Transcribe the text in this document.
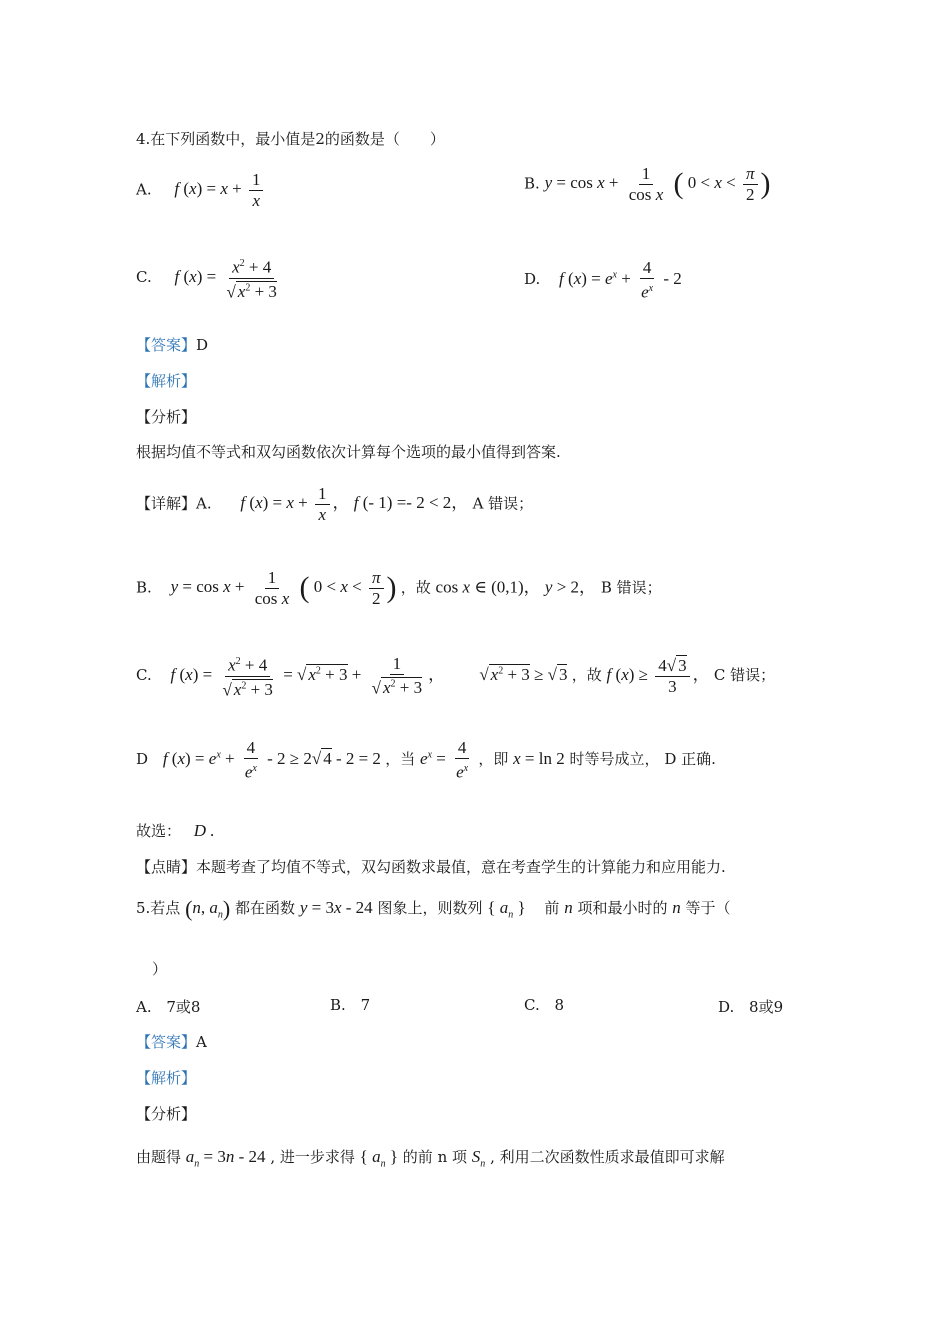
4.在下列函数中，最小值是2的函数是（　　）
A. f $(x) = x + \frac{1}{x}$	B. $y = \cos x + \frac{1}{\text{cos x}}$ ( $0 < x < \frac{\pi}{2}$ )
C. f $(x) = \frac{x^2 + 4}{√ x^2 + 3}$	D. f $(x) = e^x + \frac{4}{e^x} - 2$
【答案】D
【解析】
【分析】
根据均值不等式和双勾函数依次计算每个选项的最小值得到答案.
【详解】A. f $(x) = x + \frac{1}{x}$ ， f (- 1) =- 2 < 2， A 错误；
B. $y = \cos x + \frac{1}{\text{cos x}}$ ( $0 < x < \frac{\pi}{2}$ ) ，故 cos x ∈ (0,1)， y > 2， B 错误；
C. f $(x) = \frac{x^2 + 4}{√ x^2 + 3}$ = √ $x^2 + 3 + \frac{1}{√ x^2 + 3}$ ， √ $x^2 + 3$ ≥ √ 3 ，故 f $(x) \ge \frac{4√ 3}{3}$ ， C 错误；
D f $(x) = e^x + \frac{4}{e^x} - 2 \ge 2√$ 4 - 2 = 2 ，当 $e^x = \frac{4}{e^x}$ ，即 x = ln 2 时等号成立， D 正确.
故选： D .
【点睛】本题考查了均值不等式，双勾函数求最值，意在考查学生的计算能力和应用能力.
5.若点 (n, $a_n$) 都在函数 y = 3x - 24 图象上，则数列 { $a_n$ } 前 n 项和最小时的 n 等于（
）
A. 7或8	B. 7	C. 8	D. 8或9
【答案】A
【解析】
【分析】
由题得 $a_n = 3n - 24$ , 进一步求得 { $a_n$ } 的前 n 项 $S_n$ , 利用二次函数性质求最值即可求解
